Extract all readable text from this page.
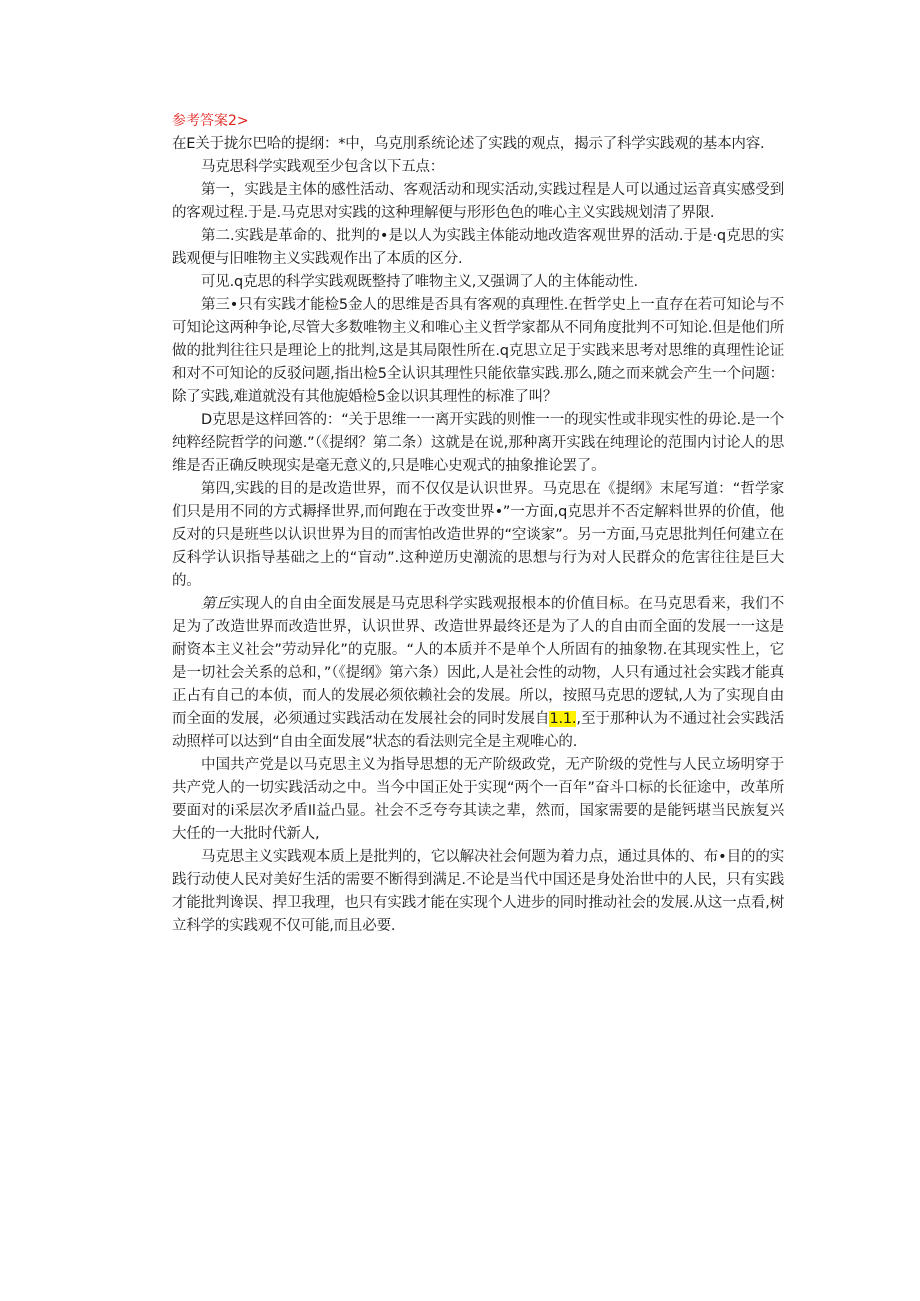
参考答案2>

在E关于拢尔巴哈的提纲：*中，乌克刖系统论述了实践的观点，揭示了科学实践观的基本内容.

马克思科学实践观至少包含以下五点：

第一，实践是主体的感性活动、客观活动和现实活动,实践过程是人可以通过运音真实感受到的客观过程.于是.马克思对实践的这种理解便与形形色色的唯心主义实践规划清了界限.

第二.实践是革命的、批判的•是以人为实践主体能动地改造客观世界的活动.于是·q克思的实践观便与旧唯物主义实践观作出了本质的区分.

可见.q克思的科学实践观既整持了唯物主义,又强调了人的主体能动性.

第三•只有实践才能检5金人的思维是否具有客观的真理性.在哲学史上一直存在若可知论与不可知论这两种争论,尽管大多数唯物主义和唯心主义哲学家都从不同角度批判不可知论.但是他们所做的批判往往只是理论上的批判,这是其局限性所在.q克思立足于实践来思考对思维的真理性论证和对不可知论的反驳问题,指出检5全认识其理性只能依靠实践.那么,随之而来就会产生一个问题：除了实践,难道就没有其他旎婚检5金以识其理性的标准了叫？

D克思是这样回答的：“关于思维一一离开实践的则惟一一的现实性或非现实性的毋论.是一个纯粹经院哲学的问邀.”（《提纲？第二条）这就是在说,那种离开实践在纯理论的范围内讨论人的思维是否正确反映现实是毫无意义的,只是唯心史观式的抽象推论罢了。

第四,实践的目的是改造世界，而不仅仅是认识世界。马克思在《提纲》末尾写道：“哲学家们只是用不同的方式耨择世界,而何跑在于改变世界•”一方面,q克思并不否定解料世界的价值，他反对的只是班些以认识世界为目的而害怕改造世界的“空谈家”。另一方面,马克思批判任何建立在反科学认识指导基础之上的“盲动”.这种逆历史潮流的思想与行为对人民群众的危害往往是巨大的。

第丘实现人的自由全面发展是马克思科学实践观报根本的价值目标。在马克思看来，我们不足为了改造世界而改造世界，认识世界、改造世界最终还是为了人的自由而全面的发展一一这是耐资本主义社会”劳动异化”的克服。“人的本质并不是单个人所固有的抽象物.在其现实性上，它是一切社会关系的总和，”（《提纲》第六条）因此,人是社会性的动物，人只有通过社会实践才能真正占有自己的本侦，而人的发展必须依赖社会的发展。所以，按照马克思的逻轼,人为了实现自由而全面的发展，必须通过实践活动在发展社会的同时发展自1.1.,至于那种认为不通过社会实践活动照样可以达到“自由全面发展”状态的看法则完全是主观唯心的.

中国共产党是以马克思主义为指导思想的无产阶级政党，无产阶级的党性与人民立场明穿于共产党人的一切实践活动之中。当今中国正处于实现“两个一百年”奋斗口标的长征途中，改革所要面对的i采层次矛盾Il益凸显。社会不乏夸夸其读之辈，然而，国家需要的是能钙堪当民族复兴大任的一大批时代新人,

马克思主义实践观本质上是批判的，它以解决社会何题为着力点，通过具体的、布•目的的实践行动使人民对美好生活的需要不断得到满足.不论是当代中国还是身处治世中的人民，只有实践才能批判谗误、捍卫我理，也只有实践才能在实现个人进步的同时推动社会的发展.从这一点看,树立科学的实践观不仅可能,而且必要.
